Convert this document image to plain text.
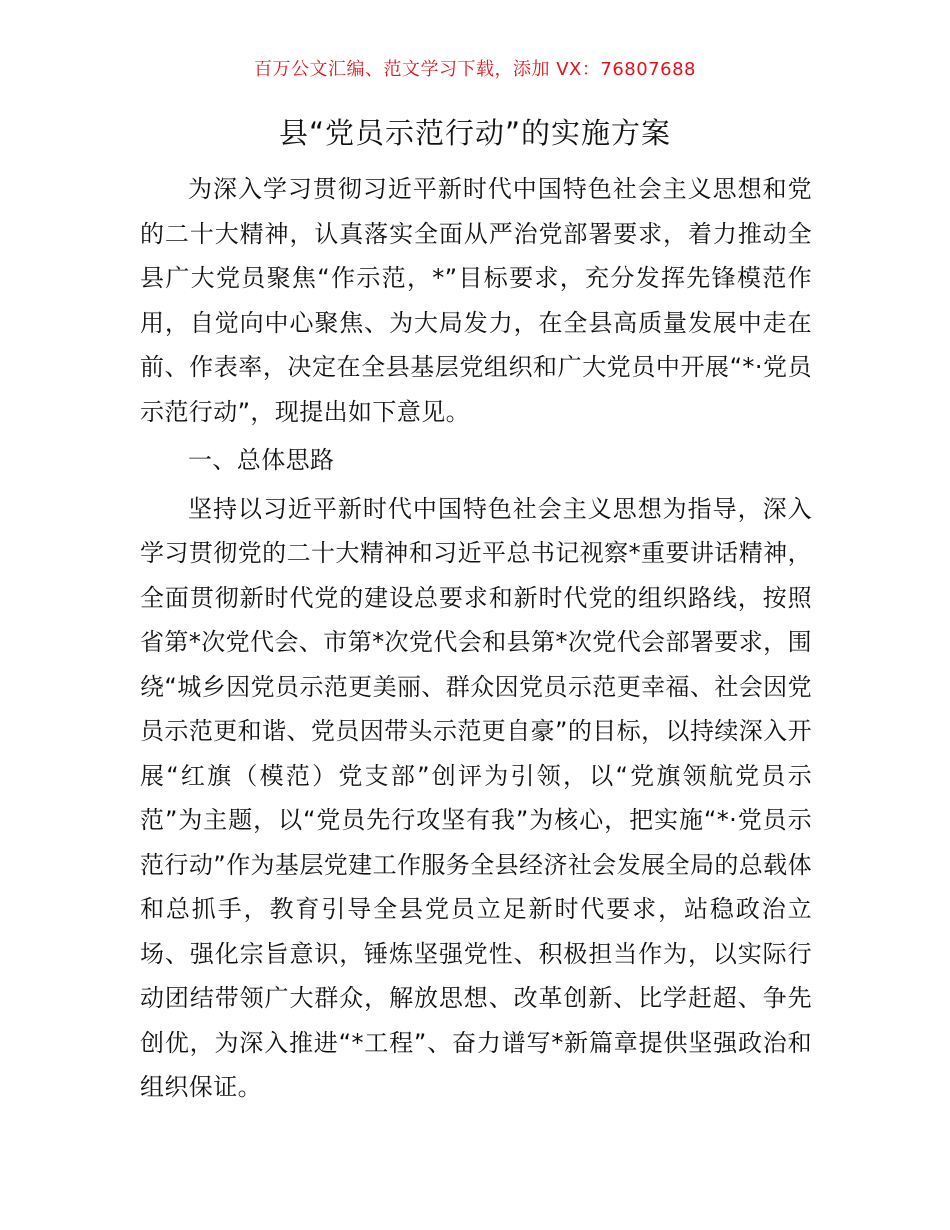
百万公文汇编、范文学习下载，添加 VX：76807688
县“党员示范行动”的实施方案

为深入学习贯彻习近平新时代中国特色社会主义思想和党的二十大精神，认真落实全面从严治党部署要求，着力推动全县广大党员聚焦“作示范，*”目标要求，充分发挥先锋模范作用，自觉向中心聚焦、为大局发力，在全县高质量发展中走在前、作表率，决定在全县基层党组织和广大党员中开展“*·党员示范行动”，现提出如下意见。

一、总体思路

坚持以习近平新时代中国特色社会主义思想为指导，深入学习贯彻党的二十大精神和习近平总书记视察*重要讲话精神，全面贯彻新时代党的建设总要求和新时代党的组织路线，按照省第*次党代会、市第*次党代会和县第*次党代会部署要求，围绕“城乡因党员示范更美丽、群众因党员示范更幸福、社会因党员示范更和谐、党员因带头示范更自豪”的目标，以持续深入开展“红旗（模范）党支部”创评为引领，以“党旗领航党员示范”为主题，以“党员先行攻坚有我”为核心，把实施“*·党员示范行动”作为基层党建工作服务全县经济社会发展全局的总载体和总抓手，教育引导全县党员立足新时代要求，站稳政治立场、强化宗旨意识，锤炼坚强党性、积极担当作为，以实际行动团结带领广大群众，解放思想、改革创新、比学赶超、争先创优，为深入推进“*工程”、奋力谱写*新篇章提供坚强政治和组织保证。
